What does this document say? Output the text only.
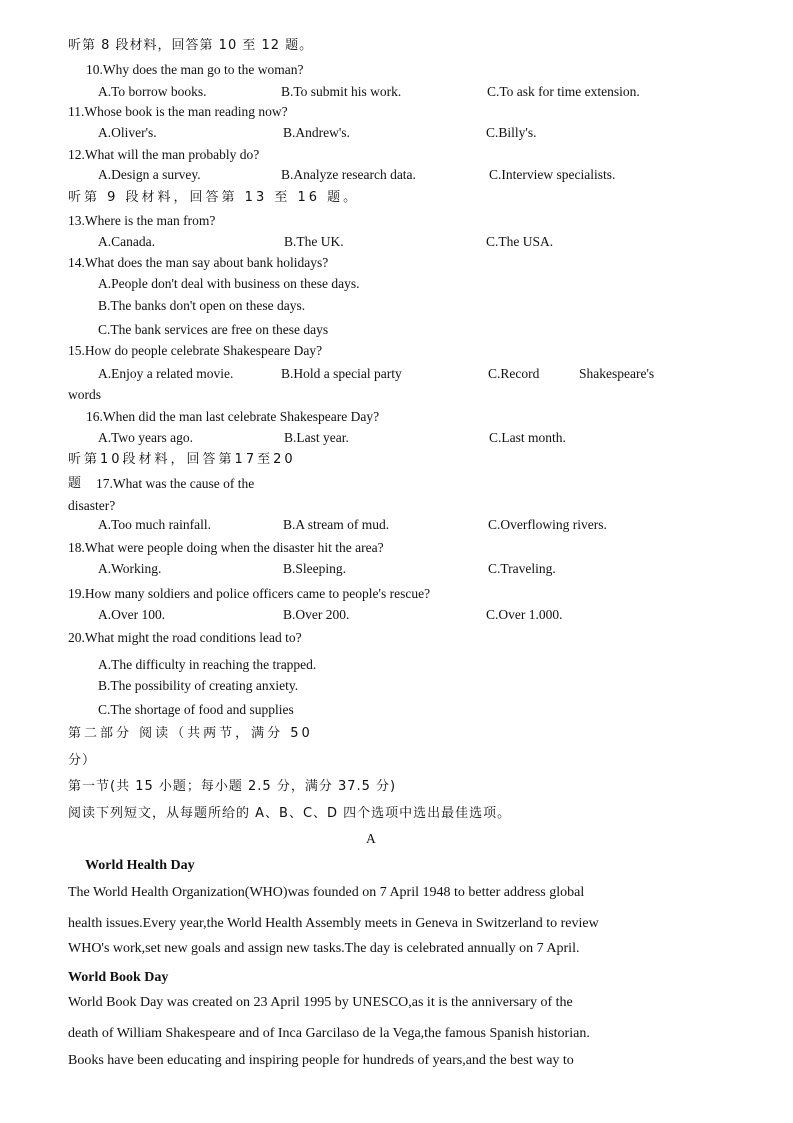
听第 8 段材料，回答第 10 至 12 题。
10.Why does the man go to the woman?
A.To borrow books.	B.To submit his work.	C.To ask for time extension.
11.Whose book is the man reading now?
A.Oliver's.	B.Andrew's.	C.Billy's.
12.What will the man probably do?
A.Design a survey.	B.Analyze research data.	C.Interview specialists.
听第 9 段材料，回答第 13 至 16 题。
13.Where is the man from?
A.Canada.	B.The UK.	C.The USA.
14.What does the man say about bank holidays?
A.People don't deal with business on these days.
B.The banks don't open on these days.
C.The bank services are free on these days
15.How do people celebrate Shakespeare Day?
A.Enjoy a related movie.	B.Hold a special party	C.Record	Shakespeare's
words
16.When did the man last celebrate Shakespeare Day?
A.Two years ago.	B.Last year.	C.Last month.
听第10段材料，回答第17至20
题 17.What was the cause of the
disaster?
A.Too much rainfall.	B.A stream of mud.	C.Overflowing rivers.
18.What were people doing when the disaster hit the area?
A.Working.	B.Sleeping.	C.Traveling.
19.How many soldiers and police officers came to people's rescue?
A.Over 100.	B.Over 200.	C.Over 1.000.
20.What might the road conditions lead to?
A.The difficulty in reaching the trapped.
B.The possibility of creating anxiety.
C.The shortage of food and supplies
第二部分 阅读（共两节，满分 50
分）
第一节(共 15 小题；每小题 2.5 分，满分 37.5 分)
阅读下列短文，从每题所给的 A、B、C、D 四个选项中选出最佳选项。
A
World Health Day
The World Health Organization(WHO)was founded on 7 April 1948 to better address global
health issues.Every year,the World Health Assembly meets in Geneva in Switzerland to review
WHO's work,set new goals and assign new tasks.The day is celebrated annually on 7 April.
World Book Day
World Book Day was created on 23 April 1995 by UNESCO,as it is the anniversary of the
death of William Shakespeare and of Inca Garcilaso de la Vega,the famous Spanish historian.
Books have been educating and inspiring people for hundreds of years,and the best way to
